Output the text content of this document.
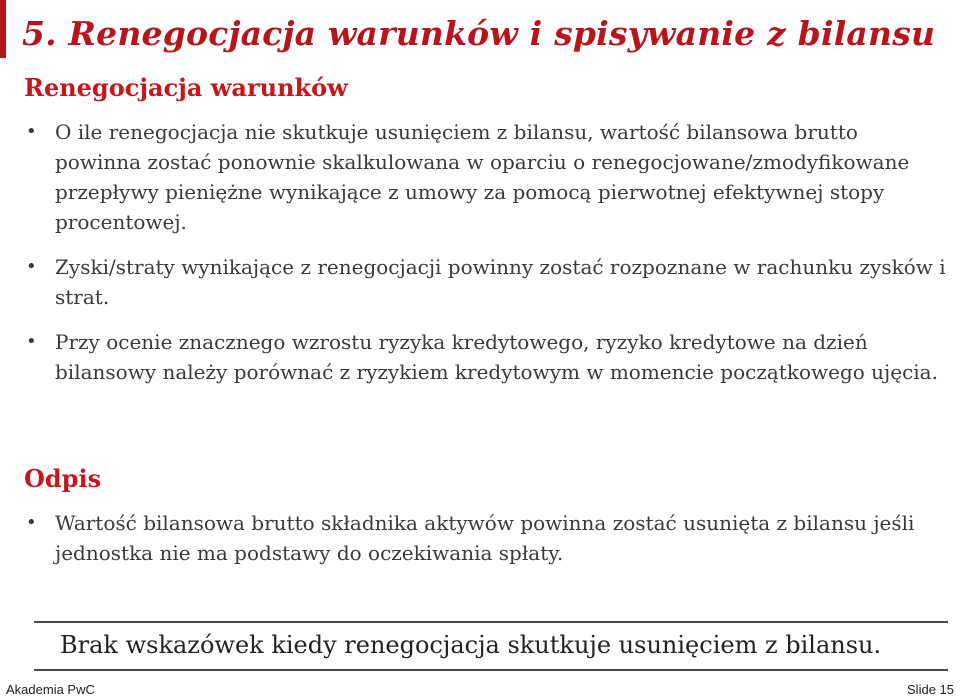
5. Renegocjacja warunków i spisywanie z bilansu
Renegocjacja warunków
• O ile renegocjacja nie skutkuje usunięciem z bilansu, wartość bilansowa brutto powinna zostać ponownie skalkulowana w oparciu o renegocjowane/zmodyfikowane przepływy pieniężne wynikające z umowy za pomocą pierwotnej efektywnej stopy procentowej.
• Zyski/straty wynikające z renegocjacji powinny zostać rozpoznane w rachunku zysków i strat.
• Przy ocenie znacznego wzrostu ryzyka kredytowego, ryzyko kredytowe na dzień bilansowy należy porównać z ryzykiem kredytowym w momencie początkowego ujęcia.
Odpis
• Wartość bilansowa brutto składnika aktywów powinna zostać usunięta z bilansu jeśli jednostka nie ma podstawy do oczekiwania spłaty.
Brak wskazówek kiedy renegocjacja skutkuje usunięciem z bilansu.
Akademia PwC	Slide 15
